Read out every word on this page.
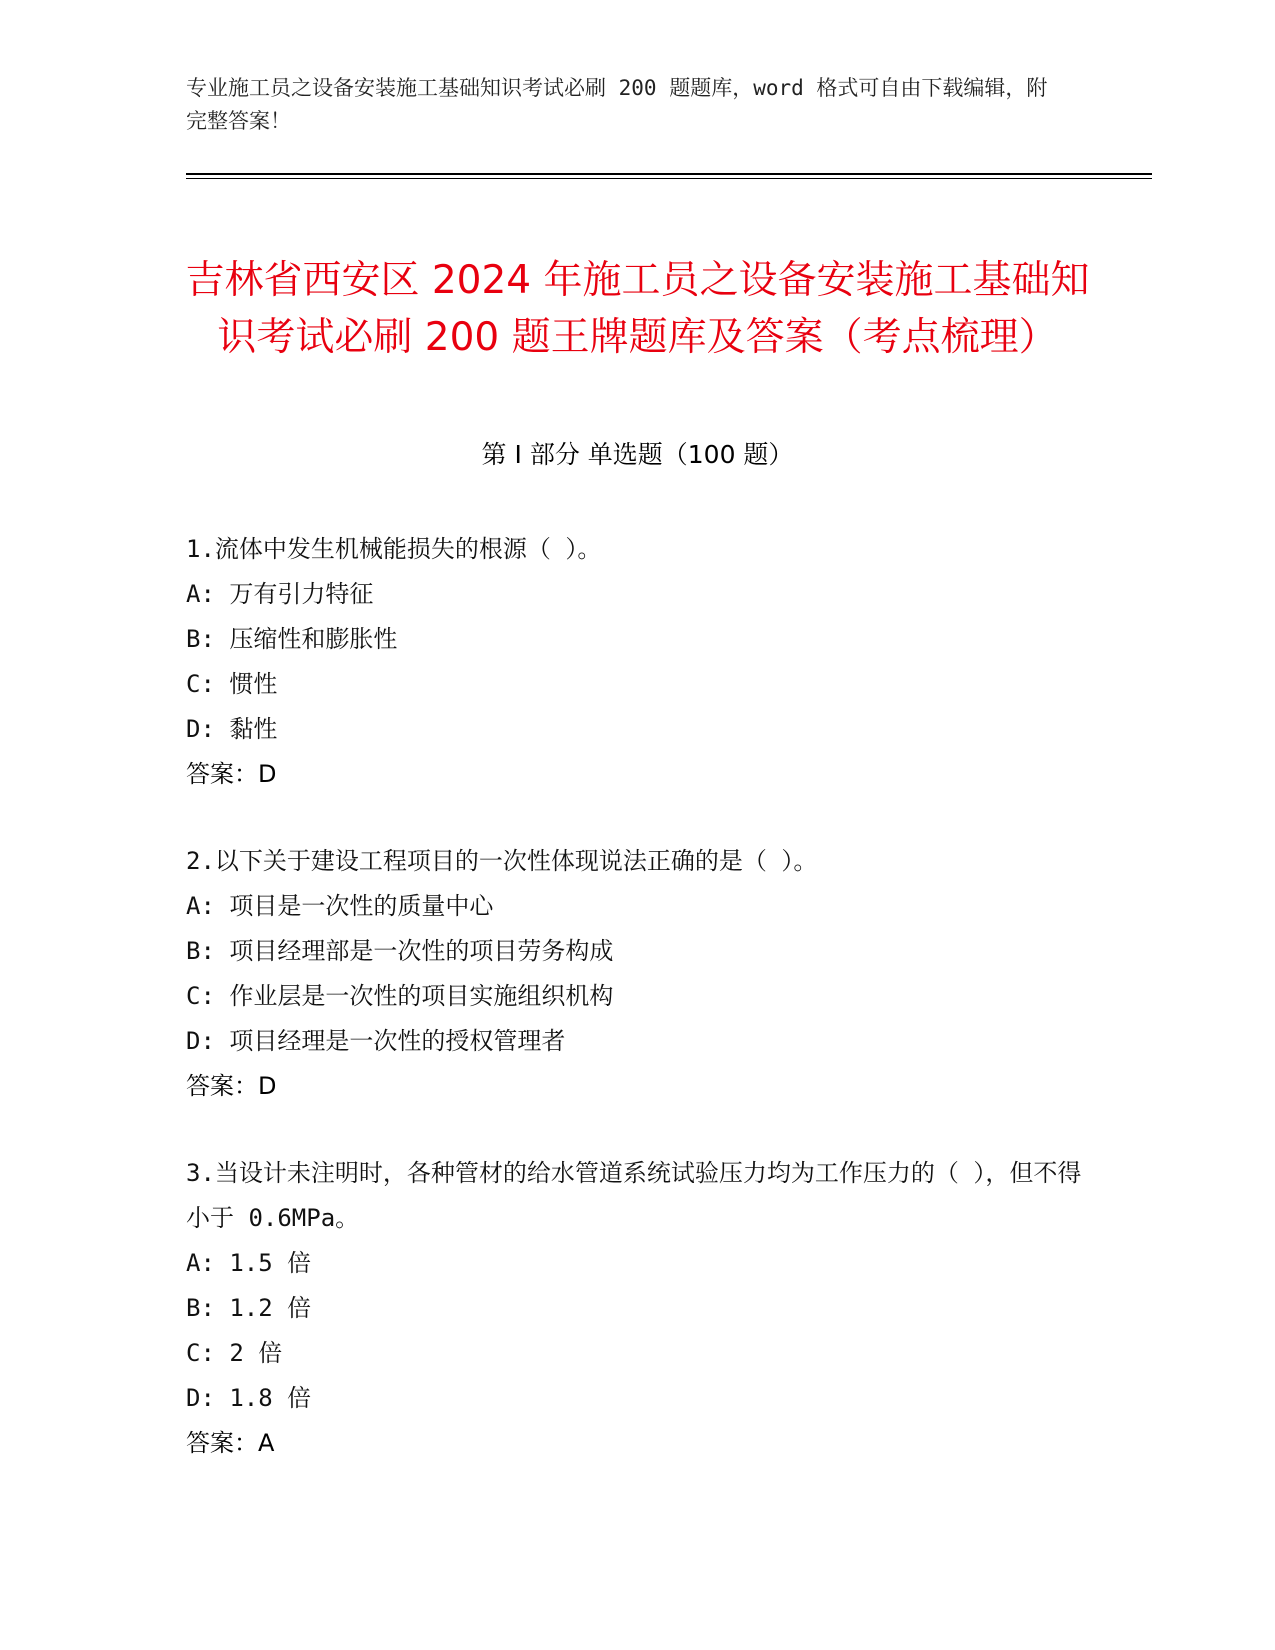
专业施工员之设备安装施工基础知识考试必刷 200 题题库，word 格式可自由下载编辑，附完整答案！
吉林省西安区 2024 年施工员之设备安装施工基础知识考试必刷 200 题王牌题库及答案（考点梳理）
第 I 部分 单选题（100 题）
1.流体中发生机械能损失的根源（ ）。
A: 万有引力特征
B: 压缩性和膨胀性
C: 惯性
D: 黏性
答案：D
2.以下关于建设工程项目的一次性体现说法正确的是（ ）。
A: 项目是一次性的质量中心
B: 项目经理部是一次性的项目劳务构成
C: 作业层是一次性的项目实施组织机构
D: 项目经理是一次性的授权管理者
答案：D
3.当设计未注明时，各种管材的给水管道系统试验压力均为工作压力的（ ），但不得小于 0.6MPa。
A: 1.5 倍
B: 1.2 倍
C: 2 倍
D: 1.8 倍
答案：A
